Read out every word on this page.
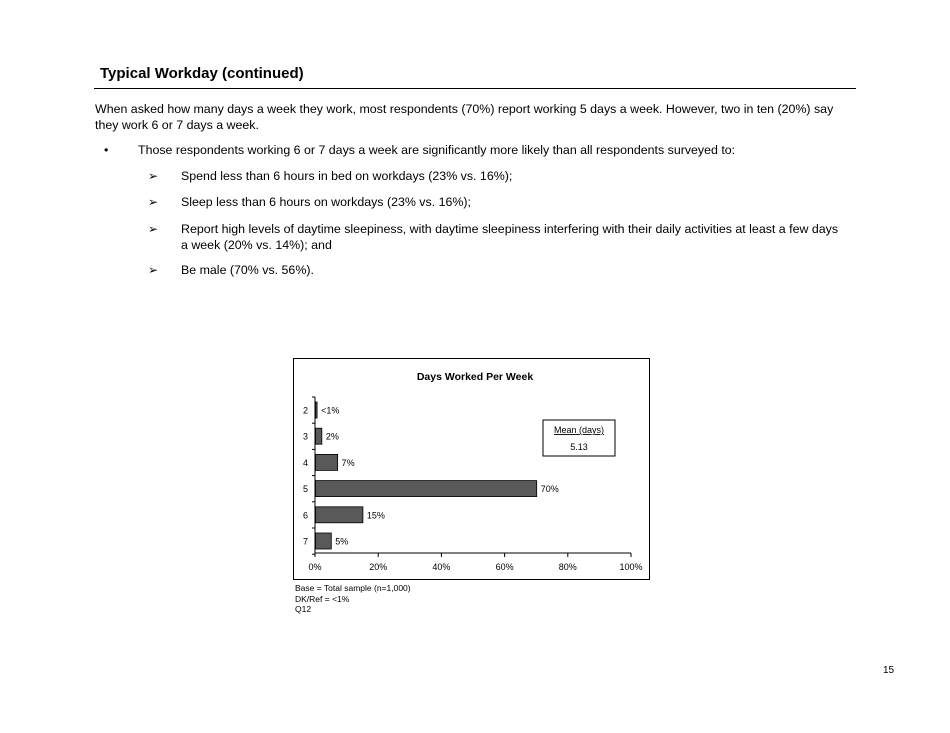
Typical Workday (continued)
When asked how many days a week they work, most respondents (70%) report working 5 days a week. However, two in ten (20%) say they work 6 or 7 days a week.
•	Those respondents working 6 or 7 days a week are significantly more likely than all respondents surveyed to:
➢	Spend less than 6 hours in bed on workdays (23% vs. 16%);
➢	Sleep less than 6 hours on workdays (23% vs. 16%);
➢	Report high levels of daytime sleepiness, with daytime sleepiness interfering with their daily activities at least a few days a week (20% vs. 14%); and
➢	Be male (70% vs. 56%).
Days Worked Per Week
2 <1%
3 2%
4	7%
5	70%
6	15%
7	5%
0%	20%	40%	60%	80%	100%
Mean (days)
5.13
Base = Total sample (n=1,000)
DK/Ref = <1%
Q12
15
